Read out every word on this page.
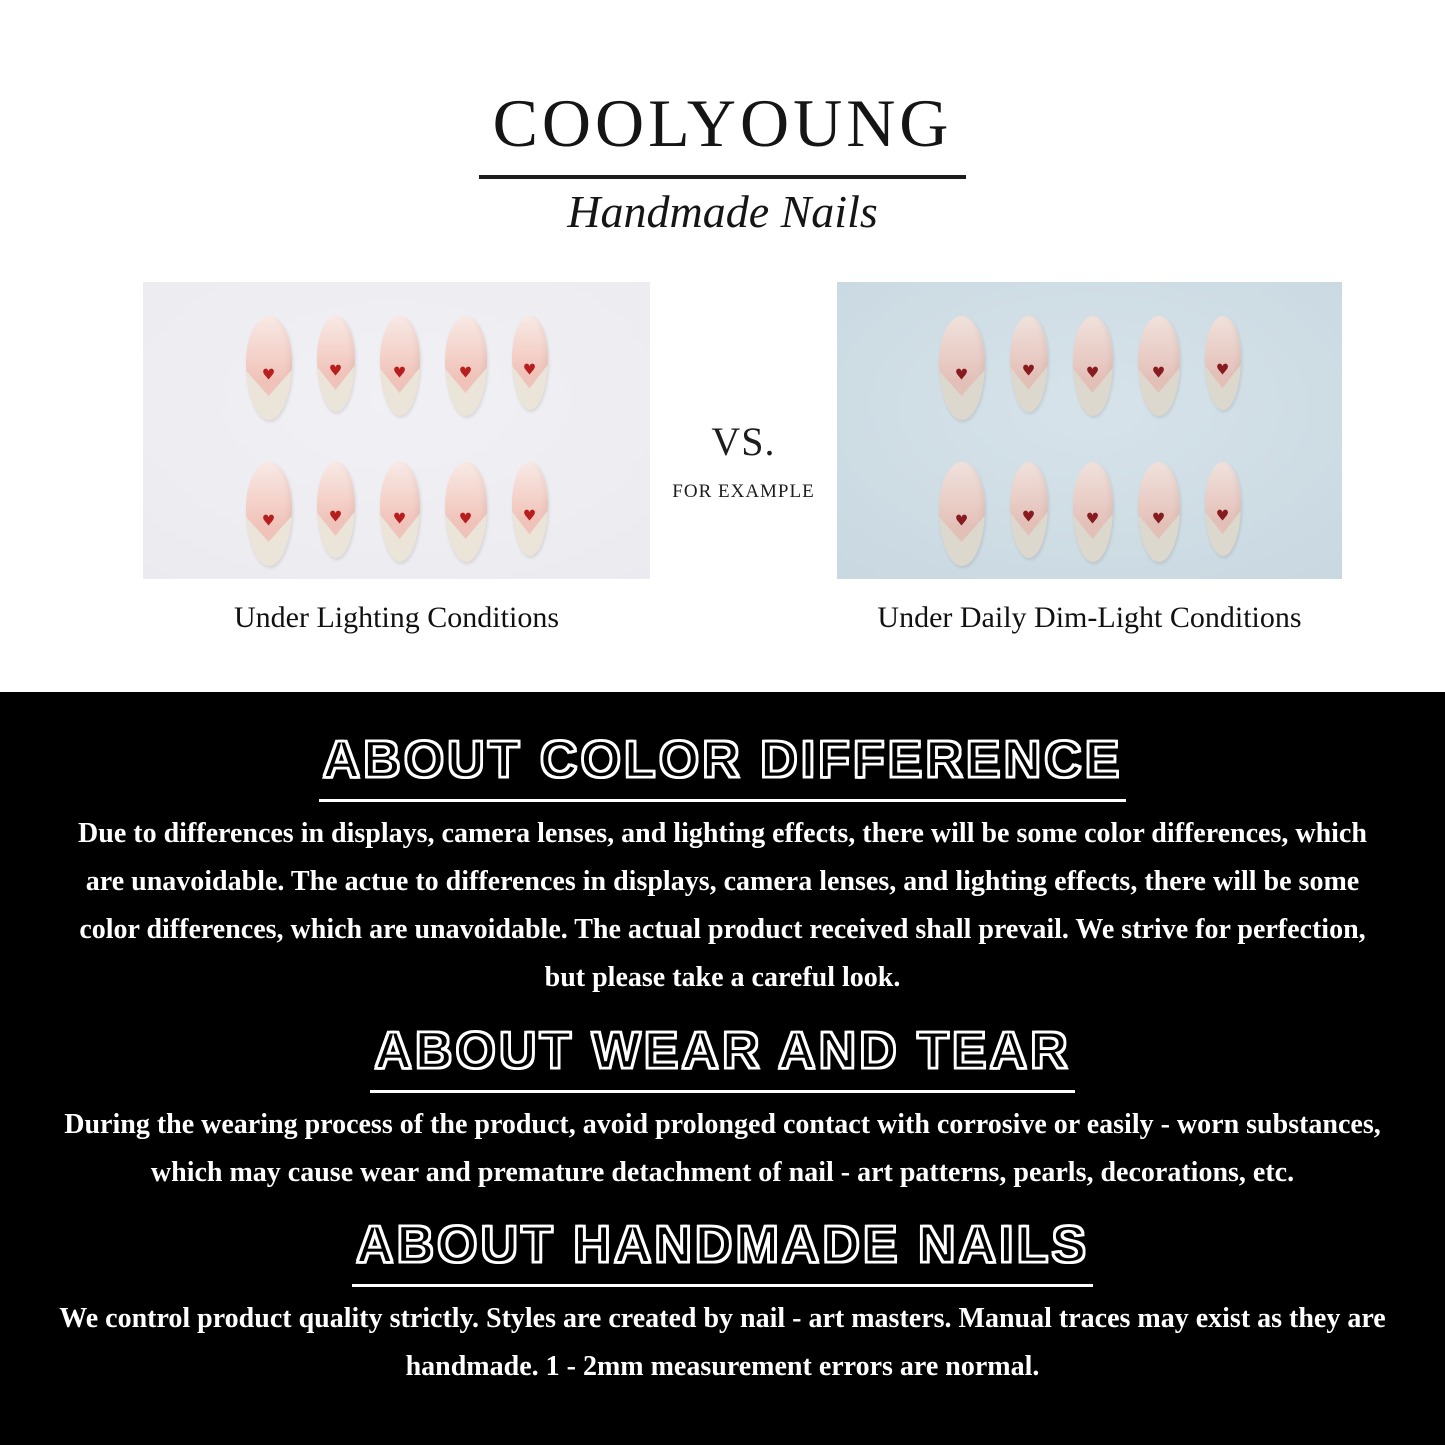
COOLYOUNG
Handmade Nails
♥	♥	♥	♥	♥
♥	♥	♥	♥	♥
VS.
FOR EXAMPLE
♥	♥	♥	♥	♥
♥	♥	♥	♥	♥
Under Lighting Conditions	Under Daily Dim-Light Conditions
ABOUT COLOR DIFFERENCE

Due to differences in displays, camera lenses, and lighting effects, there will be some color differences, which are unavoidable. The actue to differences in displays, camera lenses, and lighting effects, there will be some color differences, which are unavoidable. The actual product received shall prevail. We strive for perfection, but please take a careful look.

ABOUT WEAR AND TEAR

During the wearing process of the product, avoid prolonged contact with corrosive or easily - worn substances, which may cause wear and premature detachment of nail - art patterns, pearls, decorations, etc.

ABOUT HANDMADE NAILS

We control product quality strictly. Styles are created by nail - art masters. Manual traces may exist as they are handmade. 1 - 2mm measurement errors are normal.
